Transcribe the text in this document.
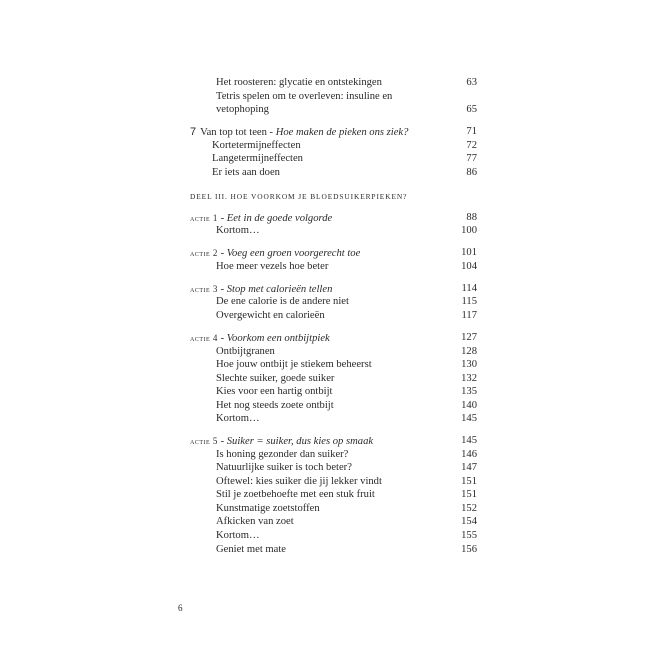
Het roosteren: glycatie en ontstekingen	63
Tetris spelen om te overleven: insuline en
vetophoping	65
7 Van top tot teen - Hoe maken de pieken ons ziek?	71
Kortetermijneffecten	72
Langetermijneffecten	77
Er iets aan doen	86
DEEL III. HOE VOORKOM JE BLOEDSUIKERPIEKEN?
actie 1 - Eet in de goede volgorde	88
Kortom…	100
actie 2 - Voeg een groen voorgerecht toe	101
Hoe meer vezels hoe beter	104
actie 3 - Stop met calorieën tellen	114
De ene calorie is de andere niet	115
Overgewicht en calorieën	117
actie 4 - Voorkom een ontbijtpiek	127
Ontbijtgranen	128
Hoe jouw ontbijt je stiekem beheerst	130
Slechte suiker, goede suiker	132
Kies voor een hartig ontbijt	135
Het nog steeds zoete ontbijt	140
Kortom…	145
actie 5 - Suiker = suiker, dus kies op smaak	145
Is honing gezonder dan suiker?	146
Natuurlijke suiker is toch beter?	147
Oftewel: kies suiker die jij lekker vindt	151
Stil je zoetbehoefte met een stuk fruit	151
Kunstmatige zoetstoffen	152
Afkicken van zoet	154
Kortom…	155
Geniet met mate	156
6
